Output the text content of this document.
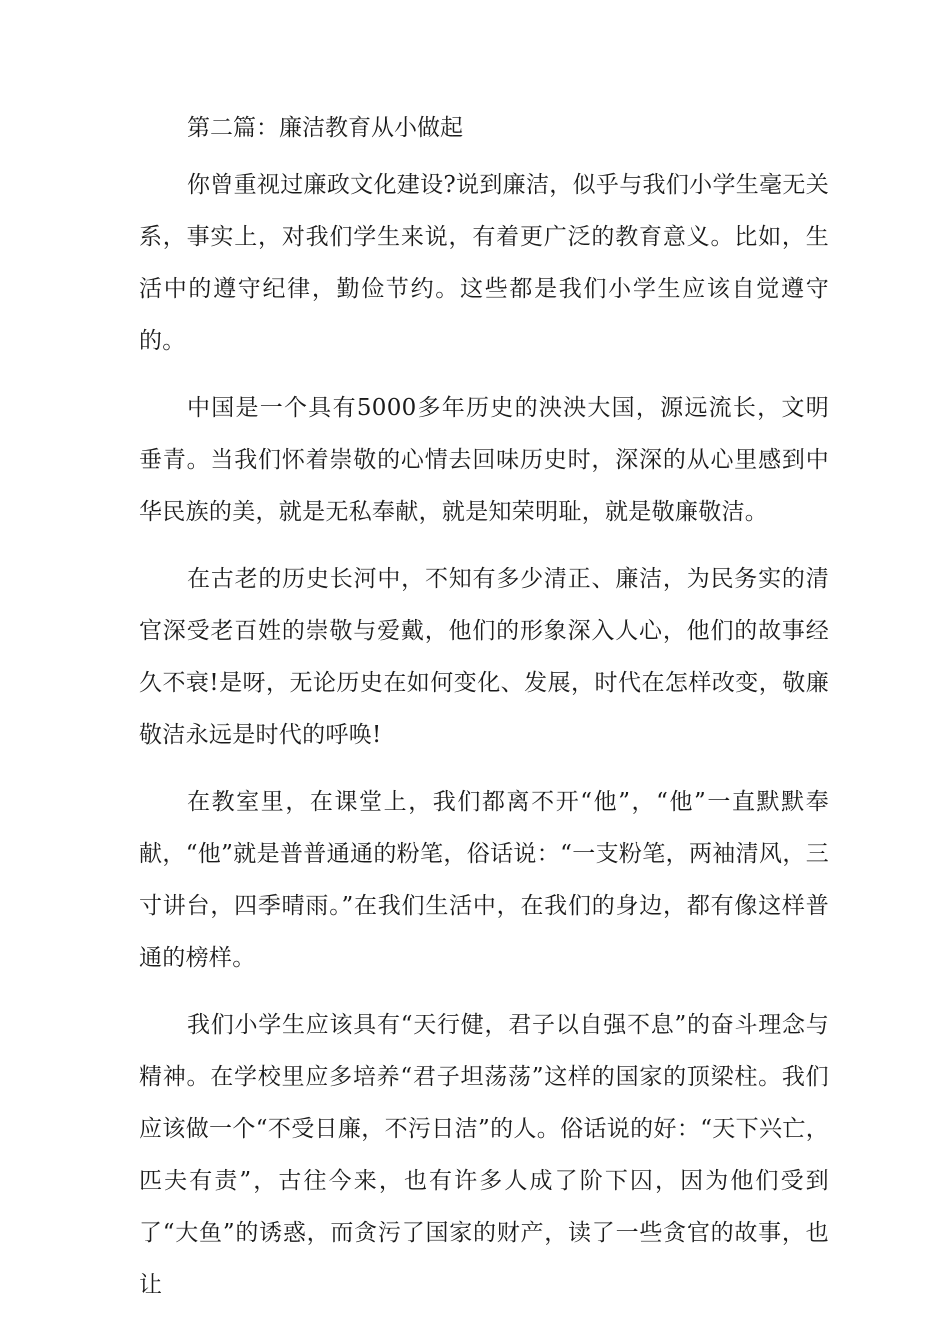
第二篇：廉洁教育从小做起

你曾重视过廉政文化建设?说到廉洁，似乎与我们小学生毫无关系，事实上，对我们学生来说，有着更广泛的教育意义。比如，生活中的遵守纪律，勤俭节约。这些都是我们小学生应该自觉遵守的。

中国是一个具有5000多年历史的泱泱大国，源远流长，文明垂青。当我们怀着崇敬的心情去回味历史时，深深的从心里感到中华民族的美，就是无私奉献，就是知荣明耻，就是敬廉敬洁。

在古老的历史长河中，不知有多少清正、廉洁，为民务实的清官深受老百姓的崇敬与爱戴，他们的形象深入人心，他们的故事经久不衰!是呀，无论历史在如何变化、发展，时代在怎样改变，敬廉敬洁永远是时代的呼唤!

在教室里，在课堂上，我们都离不开“他”，“他”一直默默奉献，“他”就是普普通通的粉笔，俗话说：“一支粉笔，两袖清风，三寸讲台，四季晴雨。”在我们生活中，在我们的身边，都有像这样普通的榜样。

我们小学生应该具有“天行健，君子以自强不息”的奋斗理念与精神。在学校里应多培养“君子坦荡荡”这样的国家的顶梁柱。我们应该做一个“不受日廉，不污日洁”的人。俗话说的好：“天下兴亡，匹夫有责”，古往今来，也有许多人成了阶下囚，因为他们受到了“大鱼”的诱惑，而贪污了国家的财产，读了一些贪官的故事，也让
